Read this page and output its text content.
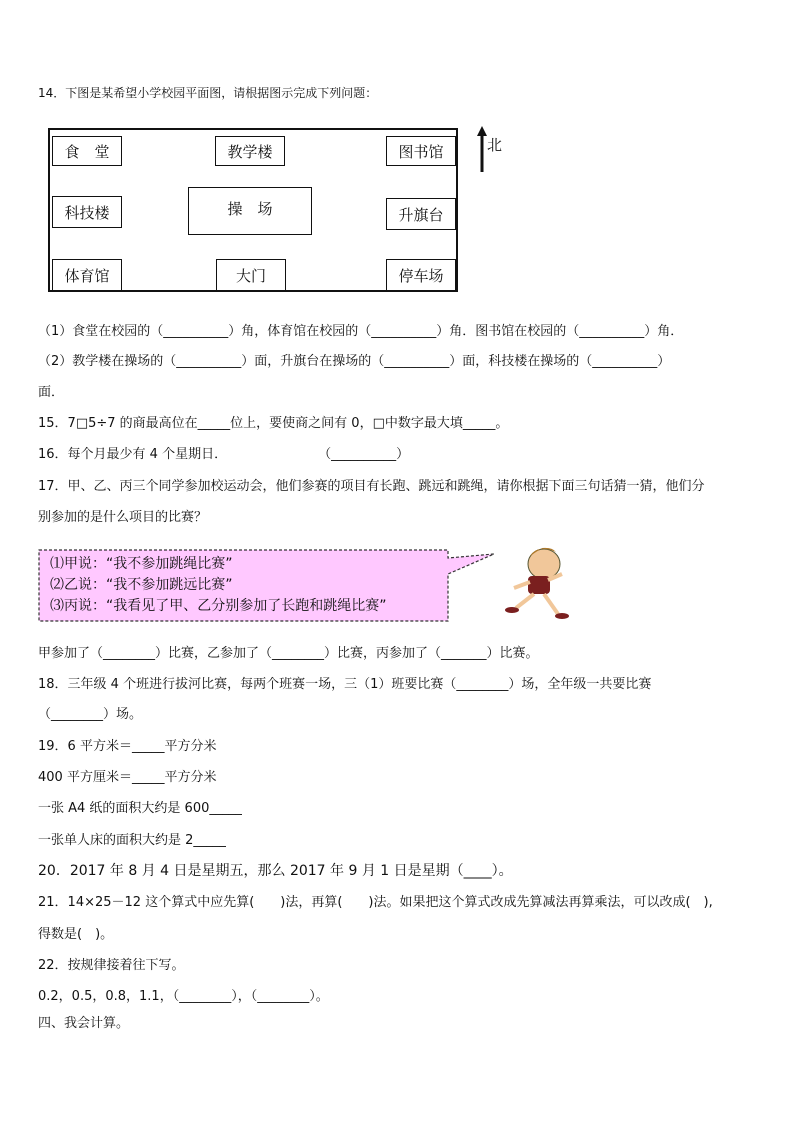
14．下图是某希望小学校园平面图，请根据图示完成下列问题：
食　堂	教学楼	图书馆
科技楼	操　场	升旗台
体育馆	大门	停车场
北
（1）食堂在校园的（__________）角，体育馆在校园的（__________）角．图书馆在校园的（__________）角．
（2）教学楼在操场的（__________）面，升旗台在操场的（__________）面，科技楼在操场的（__________）
面．
15．7□5÷7 的商最高位在_____位上，要使商之间有 0，□中数字最大填_____。
16．每个月最少有 4 个星期日．　　　　　　　　（__________）
17．甲、乙、丙三个同学参加校运动会，他们参赛的项目有长跑、跳远和跳绳，请你根据下面三句话猜一猜，他们分
别参加的是什么项目的比赛？
⑴甲说：“我不参加跳绳比赛”
⑵乙说：“我不参加跳远比赛”
⑶丙说：“我看见了甲、乙分别参加了长跑和跳绳比赛”
甲参加了（________）比赛，乙参加了（________）比赛，丙参加了（_______）比赛。
18．三年级 4 个班进行拔河比赛，每两个班赛一场，三（1）班要比赛（________）场，全年级一共要比赛
（________）场。
19．6 平方米＝_____平方分米
400 平方厘米＝_____平方分米
一张 A4 纸的面积大约是 600_____
一张单人床的面积大约是 2_____
20．2017 年 8 月 4 日是星期五，那么 2017 年 9 月 1 日是星期（____）。
21．14×25－12 这个算式中应先算(　　)法，再算(　　)法。如果把这个算式改成先算减法再算乘法，可以改成(　),
得数是(　)。
22．按规律接着往下写。
0.2，0.5，0.8，1.1，（________），（________）。
四、我会计算。
